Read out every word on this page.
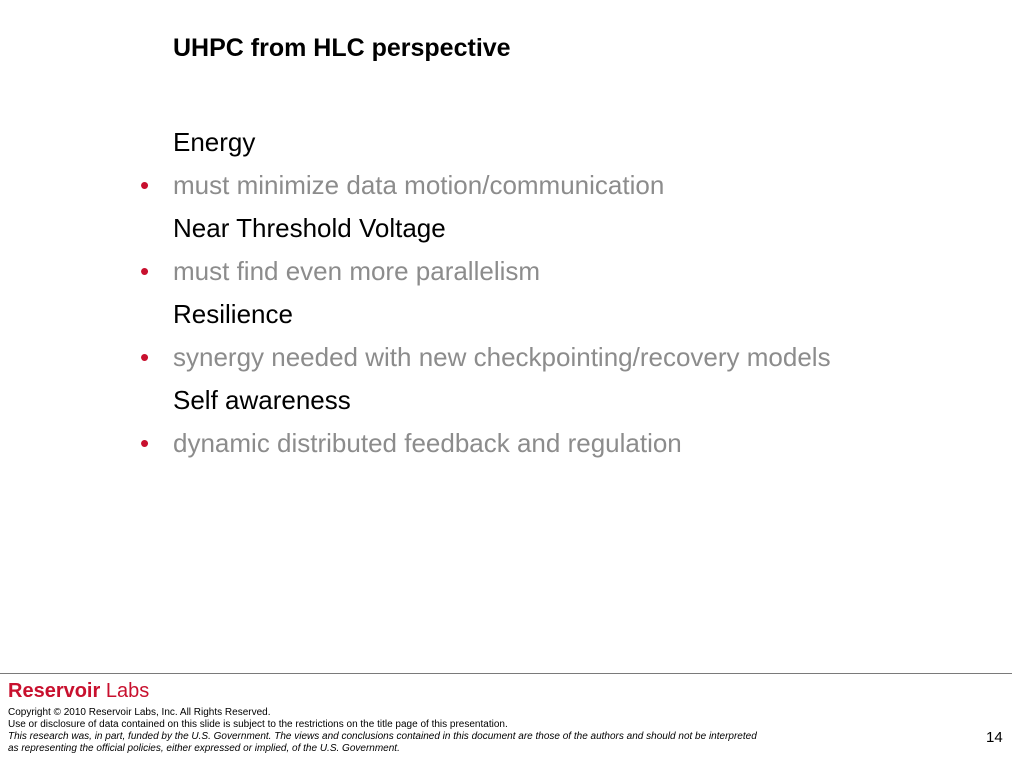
UHPC from HLC perspective
Energy
• must minimize data motion/communication
Near Threshold Voltage
• must find even more parallelism
Resilience
• synergy needed with new checkpointing/recovery models
Self awareness
• dynamic distributed feedback and regulation
Reservoir Labs
Copyright © 2010 Reservoir Labs, Inc. All Rights Reserved.
Use or disclosure of data contained on this slide is subject to the restrictions on the title page of this presentation.
This research was, in part, funded by the U.S. Government. The views and conclusions contained in this document are those of the authors and should not be interpreted
as representing the official policies, either expressed or implied, of the U.S. Government.
14
